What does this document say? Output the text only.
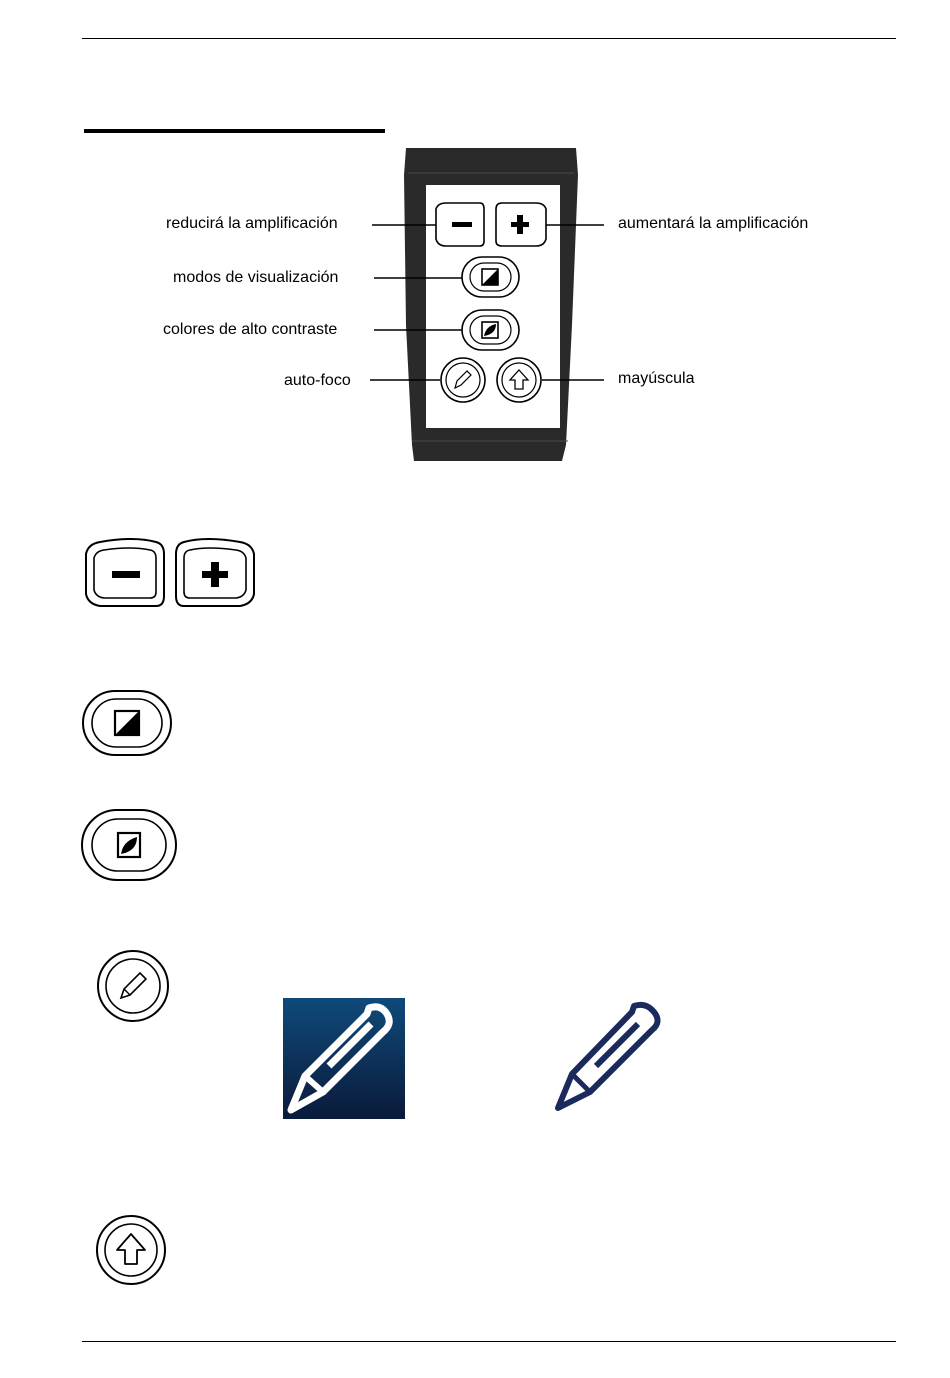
reducirá la amplificación	aumentará la amplificación
modos de visualización
colores de alto contraste
auto-foco	mayúscula
